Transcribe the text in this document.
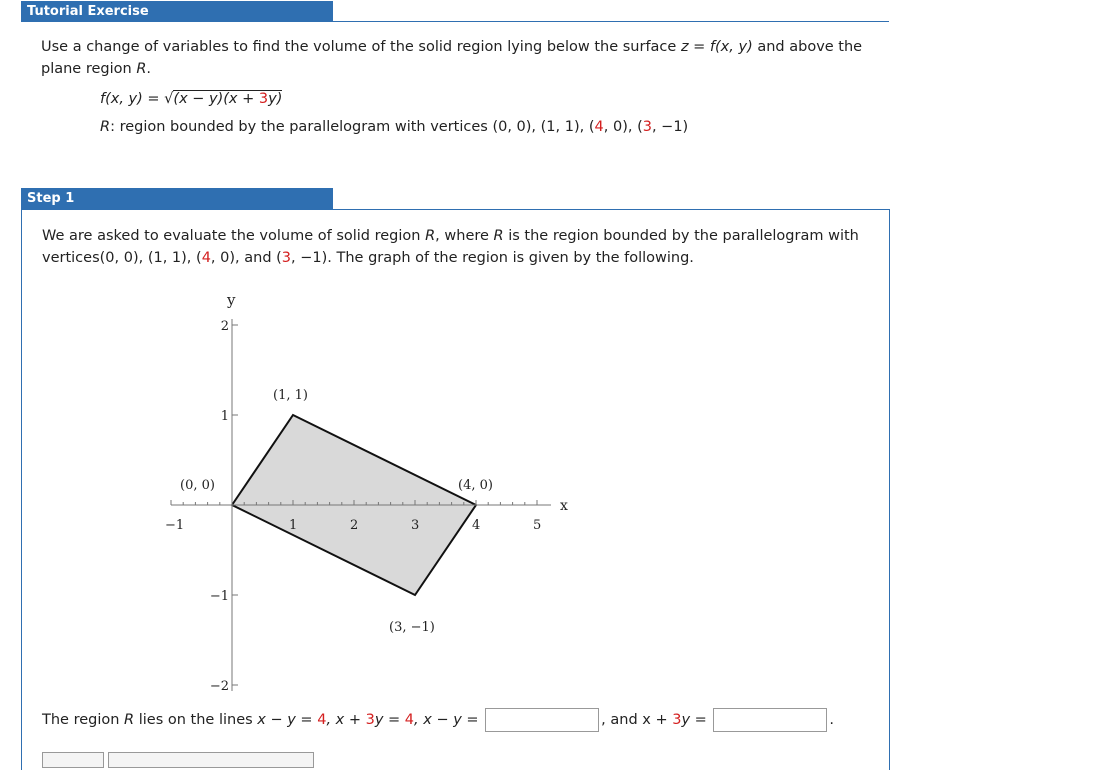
Tutorial Exercise
Use a change of variables to find the volume of the solid region lying below the surface z = f(x, y) and above the plane region R.
f(x, y) = √(x − y)(x + 3y)
R: region bounded by the parallelogram with vertices (0, 0), (1, 1), (4, 0), (3, −1)
Step 1
We are asked to evaluate the volume of solid region R, where R is the region bounded by the parallelogram with vertices(0, 0), (1, 1), (4, 0), and (3, −1). The graph of the region is given by the following.
x
y
−1	1	2	3	4	5
2
1
−1
−2
(0, 0)
(1, 1)
(4, 0)
(3, −1)
The region R lies on the lines x − y = 4, x + 3y = 4, x − y =	, and x + 3y =	.
